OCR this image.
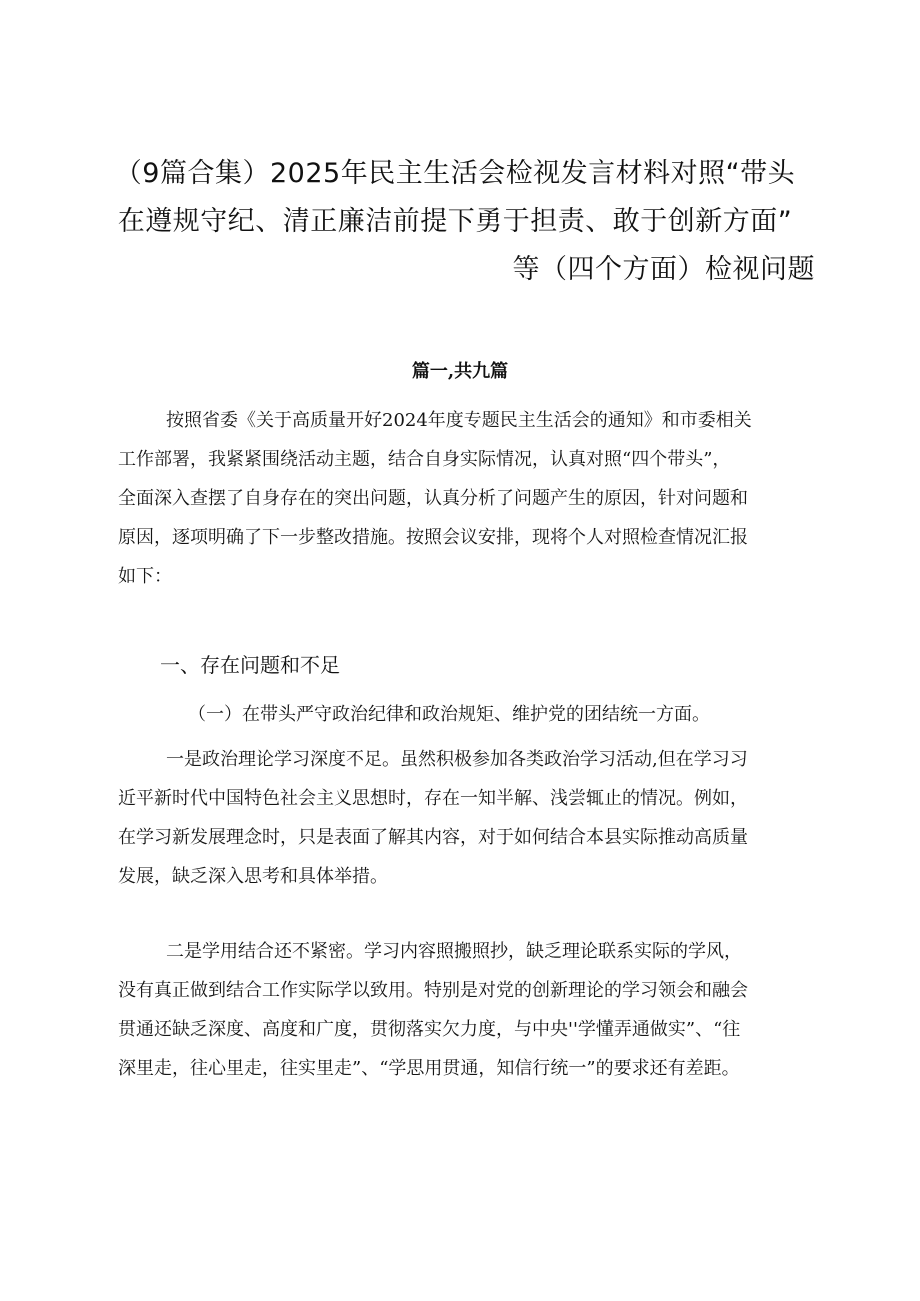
（9篇合集）2025年民主生活会检视发言材料对照“带头
在遵规守纪、清正廉洁前提下勇于担责、敢于创新方面”
等（四个方面）检视问题

篇一,共九篇

按照省委《关于高质量开好2024年度专题民主生活会的通知》和市委相关
工作部署，我紧紧围绕活动主题，结合自身实际情况，认真对照“四个带头”，
全面深入查摆了自身存在的突出问题，认真分析了问题产生的原因，针对问题和
原因，逐项明确了下一步整改措施。按照会议安排，现将个人对照检查情况汇报
如下：

一、存在问题和不足

（一）在带头严守政治纪律和政治规矩、维护党的团结统一方面。

一是政治理论学习深度不足。虽然积极参加各类政治学习活动,但在学习习
近平新时代中国特色社会主义思想时，存在一知半解、浅尝辄止的情况。例如，
在学习新发展理念时，只是表面了解其内容，对于如何结合本县实际推动高质量
发展，缺乏深入思考和具体举措。

二是学用结合还不紧密。学习内容照搬照抄，缺乏理论联系实际的学风，
没有真正做到结合工作实际学以致用。特别是对党的创新理论的学习领会和融会
贯通还缺乏深度、高度和广度，贯彻落实欠力度，与中央''学懂弄通做实”、“往
深里走，往心里走，往实里走”、“学思用贯通，知信行统一”的要求还有差距。
